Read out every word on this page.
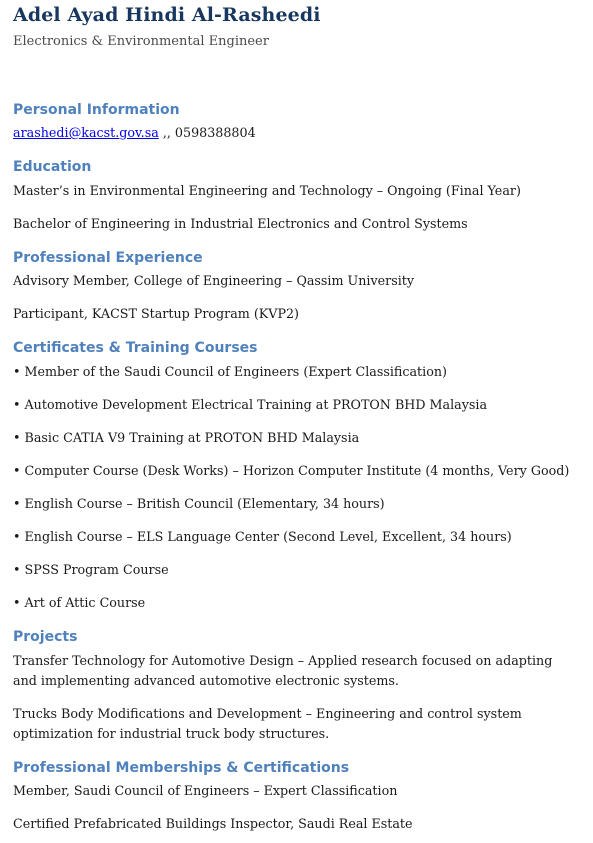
Adel Ayad Hindi Al-Rasheedi
Electronics & Environmental Engineer
Personal Information
arashedi@kacst.gov.sa ,, 0598388804
Education
Master’s in Environmental Engineering and Technology – Ongoing (Final Year)
Bachelor of Engineering in Industrial Electronics and Control Systems
Professional Experience
Advisory Member, College of Engineering – Qassim University
Participant, KACST Startup Program (KVP2)
Certificates & Training Courses
• Member of the Saudi Council of Engineers (Expert Classification)
• Automotive Development Electrical Training at PROTON BHD Malaysia
• Basic CATIA V9 Training at PROTON BHD Malaysia
• Computer Course (Desk Works) – Horizon Computer Institute (4 months, Very Good)
• English Course – British Council (Elementary, 34 hours)
• English Course – ELS Language Center (Second Level, Excellent, 34 hours)
• SPSS Program Course
• Art of Attic Course
Projects
Transfer Technology for Automotive Design – Applied research focused on adapting and implementing advanced automotive electronic systems.
Trucks Body Modifications and Development – Engineering and control system optimization for industrial truck body structures.
Professional Memberships & Certifications
Member, Saudi Council of Engineers – Expert Classification
Certified Prefabricated Buildings Inspector, Saudi Real Estate
